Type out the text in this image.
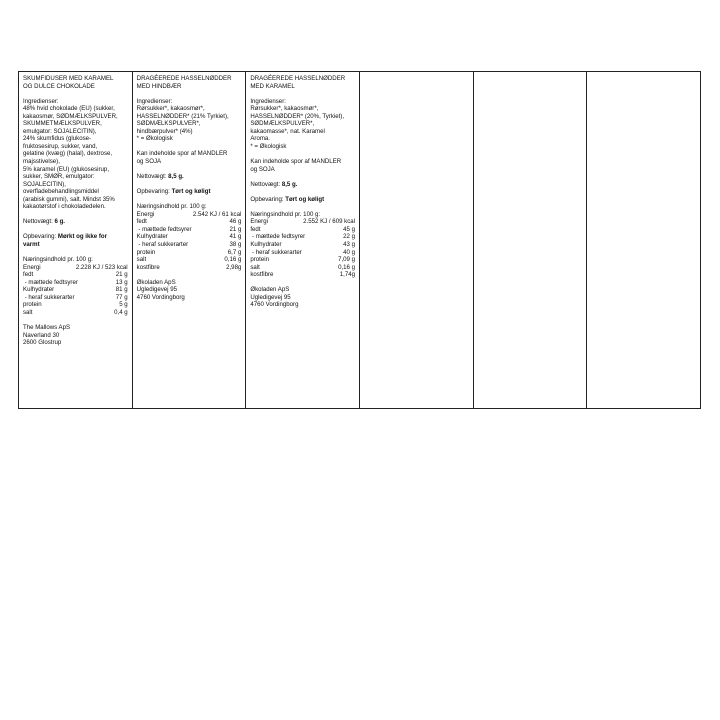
SKUMFIDUSER MED KARAMEL
OG DULCE CHOKOLADE
Ingredienser:
48% hvid chokolade (EU) (sukker,
kakaosmør, SØDMÆLKSPULVER,
SKUMMETMÆLKSPULVER,
emulgator: SOJALECITIN),
24% skumfidus (glukose-
fruktosesirup, sukker, vand,
gelatine (kvæg) (halal), dextrose,
majsstivelse),
5% karamel (EU) (glukosesirup,
sukker, SMØR, emulgator:
SOJALECITIN),
overfladebehandlingsmiddel
(arabisk gummi), salt. Mindst 35%
kakaotørstof i chokoladedelen.
Nettovægt: 6 g.
Opbevaring: Mørkt og ikke for
varmt
Næringsindhold pr. 100 g:
Energi	2.228 KJ / 523 kcal
fedt	21 g
- mættede fedtsyrer	13 g
Kulhydrater	81 g
- heraf sukkerarter	77 g
protein	5 g
salt	0,4 g
The Mallows ApS
Naverland 30
2600 Glostrup
DRAGÉEREDE HASSELNØDDER
MED HINDBÆR
Ingredienser:
Rørsukker*, kakaosmør*,
HASSELNØDDER* (21% Tyrkiet),
SØDMÆLKSPULVER*,
hindbærpulver* (4%)
* = Økologisk
Kan indeholde spor af MANDLER
og SOJA
Nettovægt: 8,5 g.
Opbevaring: Tørt og køligt
Næringsindhold pr. 100 g:
Energi	2.542 KJ / 61 kcal
fedt	46 g
- mættede fedtsyrer	21 g
Kulhydrater	41 g
- heraf sukkerarter	38 g
protein	6,7 g
salt	0,16 g
kostfibre	2,98g
Økoladen ApS
Ugledigevej 95
4760 Vordingborg
DRAGÉEREDE HASSELNØDDER
MED KARAMEL
Ingredienser:
Rørsukker*, kakaosmør*,
HASSELNØDDER* (20%, Tyrkiet),
SØDMÆLKSPULVER*,
kakaomasse*, nat. Karamel
Aroma.
* = Økologisk
Kan indeholde spor af MANDLER
og SOJA
Nettovægt: 8,5 g.
Opbevaring: Tørt og køligt
Næringsindhold pr. 100 g:
Energi	2.552 KJ / 609 kcal
fedt	45 g
- mættede fedtsyrer	22 g
Kulhydrater	43 g
- heraf sukkerarter	40 g
protein	7,09 g
salt	0,16 g
kostfibre	1,74g
Økoladen ApS
Ugledigevej 95
4760 Vordingborg
